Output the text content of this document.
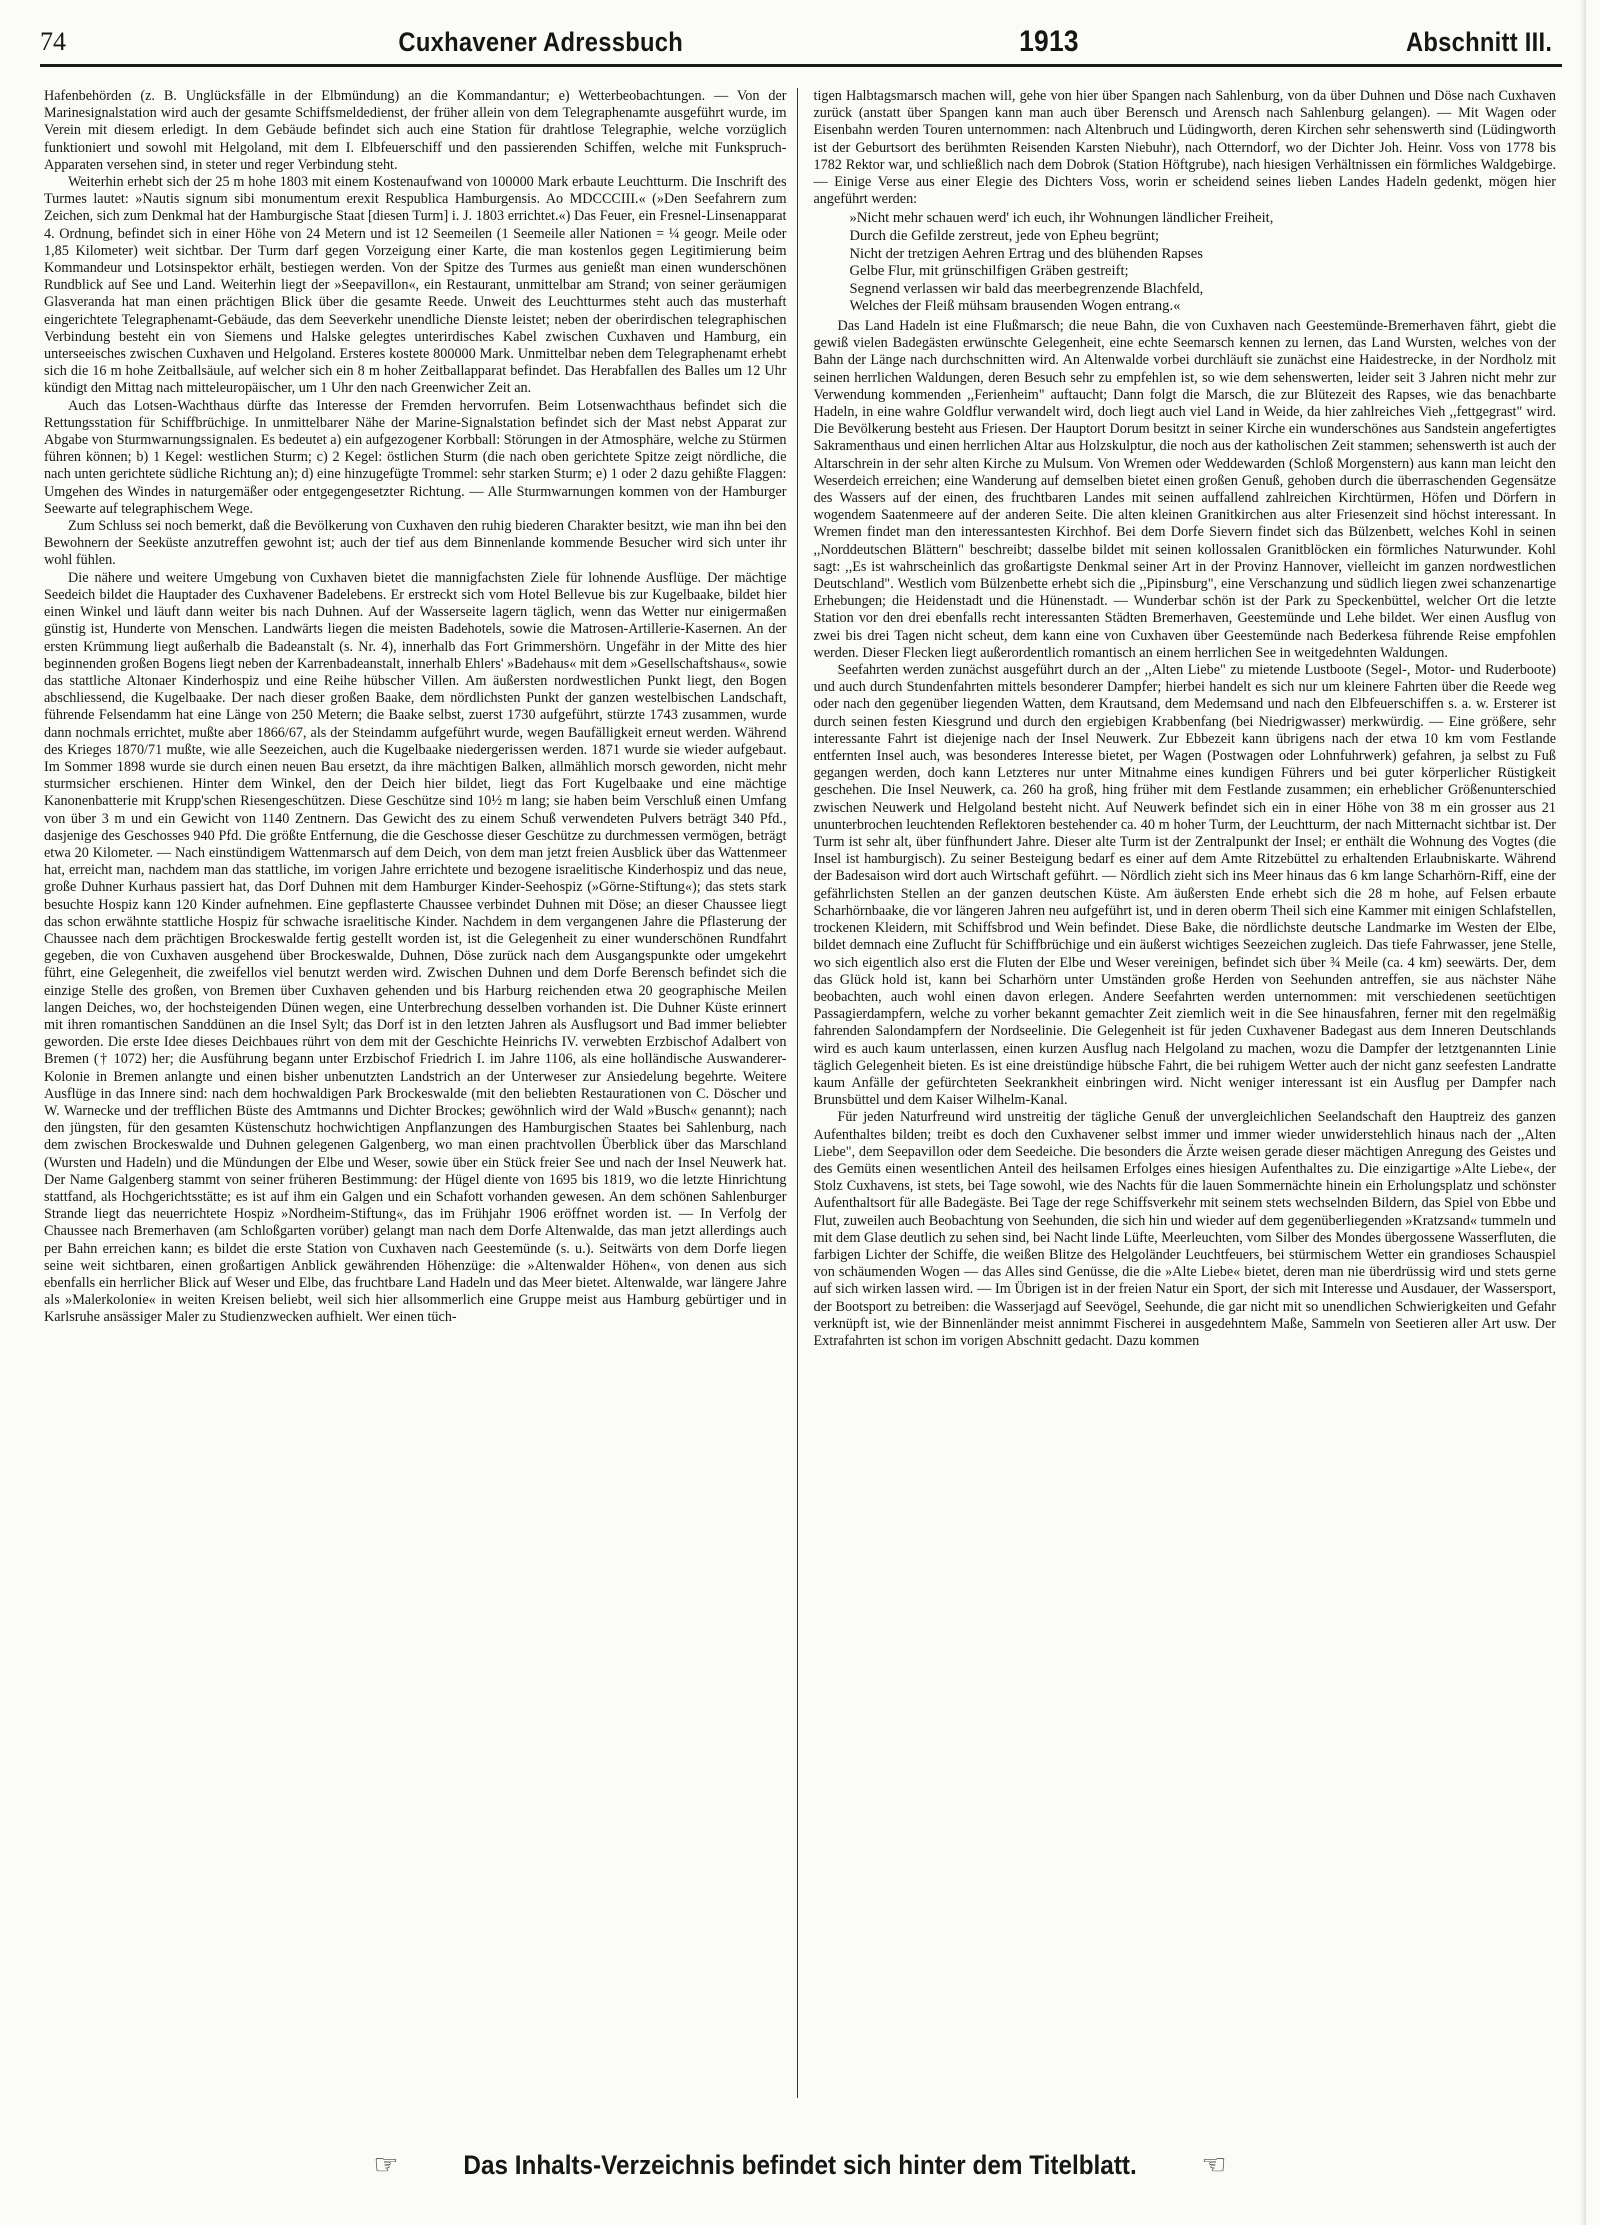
74	Cuxhavener Adressbuch	1913	Abschnitt III.

Hafenbehörden (z. B. Unglücksfälle in der Elbmündung) an die Kommandantur; e) Wetterbeobachtungen. — Von der Marinesignalstation wird auch der gesamte Schiffsmeldedienst, der früher allein von dem Telegraphenamte ausgeführt wurde, im Verein mit diesem erledigt. In dem Gebäude befindet sich auch eine Station für drahtlose Telegraphie, welche vorzüglich funktioniert und sowohl mit Helgoland, mit dem I. Elbfeuerschiff und den passierenden Schiffen, welche mit Funkspruch-Apparaten versehen sind, in steter und reger Verbindung steht.

Weiterhin erhebt sich der 25 m hohe 1803 mit einem Kostenaufwand von 100000 Mark erbaute Leuchtturm. Die Inschrift des Turmes lautet: »Nautis signum sibi monumentum erexit Respublica Hamburgensis. Ao MDCCCIII.« (»Den Seefahrern zum Zeichen, sich zum Denkmal hat der Hamburgische Staat [diesen Turm] i. J. 1803 errichtet.«) Das Feuer, ein Fresnel-Linsenapparat 4. Ordnung, befindet sich in einer Höhe von 24 Metern und ist 12 Seemeilen (1 Seemeile aller Nationen = ¼ geogr. Meile oder 1,85 Kilometer) weit sichtbar. Der Turm darf gegen Vorzeigung einer Karte, die man kostenlos gegen Legitimierung beim Kommandeur und Lotsinspektor erhält, bestiegen werden. Von der Spitze des Turmes aus genießt man einen wunderschönen Rundblick auf See und Land. Weiterhin liegt der »Seepavillon«, ein Restaurant, unmittelbar am Strand; von seiner geräumigen Glasveranda hat man einen prächtigen Blick über die gesamte Reede. Unweit des Leuchtturmes steht auch das musterhaft eingerichtete Telegraphenamt-Gebäude, das dem Seeverkehr unendliche Dienste leistet; neben der oberirdischen telegraphischen Verbindung besteht ein von Siemens und Halske gelegtes unterirdisches Kabel zwischen Cuxhaven und Hamburg, ein unterseeisches zwischen Cuxhaven und Helgoland. Ersteres kostete 800000 Mark. Unmittelbar neben dem Telegraphenamt erhebt sich die 16 m hohe Zeitballsäule, auf welcher sich ein 8 m hoher Zeitballapparat befindet. Das Herabfallen des Balles um 12 Uhr kündigt den Mittag nach mitteleuropäischer, um 1 Uhr den nach Greenwicher Zeit an.

Auch das Lotsen-Wachthaus dürfte das Interesse der Fremden hervorrufen. Beim Lotsenwachthaus befindet sich die Rettungsstation für Schiffbrüchige. In unmittelbarer Nähe der Marine-Signalstation befindet sich der Mast nebst Apparat zur Abgabe von Sturmwarnungssignalen. Es bedeutet a) ein aufgezogener Korbball: Störungen in der Atmosphäre, welche zu Stürmen führen können; b) 1 Kegel: westlichen Sturm; c) 2 Kegel: östlichen Sturm (die nach oben gerichtete Spitze zeigt nördliche, die nach unten gerichtete südliche Richtung an); d) eine hinzugefügte Trommel: sehr starken Sturm; e) 1 oder 2 dazu gehißte Flaggen: Umgehen des Windes in naturgemäßer oder entgegengesetzter Richtung. — Alle Sturmwarnungen kommen von der Hamburger Seewarte auf telegraphischem Wege.

Zum Schluss sei noch bemerkt, daß die Bevölkerung von Cuxhaven den ruhig biederen Charakter besitzt, wie man ihn bei den Bewohnern der Seeküste anzutreffen gewohnt ist; auch der tief aus dem Binnenlande kommende Besucher wird sich unter ihr wohl fühlen.

Die nähere und weitere Umgebung von Cuxhaven bietet die mannigfachsten Ziele für lohnende Ausflüge. Der mächtige Seedeich bildet die Hauptader des Cuxhavener Badelebens. Er erstreckt sich vom Hotel Bellevue bis zur Kugelbaake, bildet hier einen Winkel und läuft dann weiter bis nach Duhnen. Auf der Wasserseite lagern täglich, wenn das Wetter nur einigermaßen günstig ist, Hunderte von Menschen. Landwärts liegen die meisten Badehotels, sowie die Matrosen-Artillerie-Kasernen. An der ersten Krümmung liegt außerhalb die Badeanstalt (s. Nr. 4), innerhalb das Fort Grimmershörn. Ungefähr in der Mitte des hier beginnenden großen Bogens liegt neben der Karrenbadeanstalt, innerhalb Ehlers' »Badehaus« mit dem »Gesellschaftshaus«, sowie das stattliche Altonaer Kinderhospiz und eine Reihe hübscher Villen. Am äußersten nordwestlichen Punkt liegt, den Bogen abschliessend, die Kugelbaake. Der nach dieser großen Baake, dem nördlichsten Punkt der ganzen westelbischen Landschaft, führende Felsendamm hat eine Länge von 250 Metern; die Baake selbst, zuerst 1730 aufgeführt, stürzte 1743 zusammen, wurde dann nochmals errichtet, mußte aber 1866/67, als der Steindamm aufgeführt wurde, wegen Baufälligkeit erneut werden. Während des Krieges 1870/71 mußte, wie alle Seezeichen, auch die Kugelbaake niedergerissen werden. 1871 wurde sie wieder aufgebaut. Im Sommer 1898 wurde sie durch einen neuen Bau ersetzt, da ihre mächtigen Balken, allmählich morsch geworden, nicht mehr sturmsicher erschienen. Hinter dem Winkel, den der Deich hier bildet, liegt das Fort Kugelbaake und eine mächtige Kanonenbatterie mit Krupp'schen Riesengeschützen. Diese Geschütze sind 10½ m lang; sie haben beim Verschluß einen Umfang von über 3 m und ein Gewicht von 1140 Zentnern. Das Gewicht des zu einem Schuß verwendeten Pulvers beträgt 340 Pfd., dasjenige des Geschosses 940 Pfd. Die größte Entfernung, die die Geschosse dieser Geschütze zu durchmessen vermögen, beträgt etwa 20 Kilometer. — Nach einstündigem Wattenmarsch auf dem Deich, von dem man jetzt freien Ausblick über das Wattenmeer hat, erreicht man, nachdem man das stattliche, im vorigen Jahre errichtete und bezogene israelitische Kinderhospiz und das neue, große Duhner Kurhaus passiert hat, das Dorf Duhnen mit dem Hamburger Kinder-Seehospiz (»Görne-Stiftung«); das stets stark besuchte Hospiz kann 120 Kinder aufnehmen. Eine gepflasterte Chaussee verbindet Duhnen mit Döse; an dieser Chaussee liegt das schon erwähnte stattliche Hospiz für schwache israelitische Kinder. Nachdem in dem vergangenen Jahre die Pflasterung der Chaussee nach dem prächtigen Brockeswalde fertig gestellt worden ist, ist die Gelegenheit zu einer wunderschönen Rundfahrt gegeben, die von Cuxhaven ausgehend über Brockeswalde, Duhnen, Döse zurück nach dem Ausgangspunkte oder umgekehrt führt, eine Gelegenheit, die zweifellos viel benutzt werden wird. Zwischen Duhnen und dem Dorfe Berensch befindet sich die einzige Stelle des großen, von Bremen über Cuxhaven gehenden und bis Harburg reichenden etwa 20 geographische Meilen langen Deiches, wo, der hochsteigenden Dünen wegen, eine Unterbrechung desselben vorhanden ist. Die Duhner Küste erinnert mit ihren romantischen Sanddünen an die Insel Sylt; das Dorf ist in den letzten Jahren als Ausflugsort und Bad immer beliebter geworden. Die erste Idee dieses Deichbaues rührt von dem mit der Geschichte Heinrichs IV. verwebten Erzbischof Adalbert von Bremen († 1072) her; die Ausführung begann unter Erzbischof Friedrich I. im Jahre 1106, als eine holländische Auswanderer-Kolonie in Bremen anlangte und einen bisher unbenutzten Landstrich an der Unterweser zur Ansiedelung begehrte. Weitere Ausflüge in das Innere sind: nach dem hochwaldigen Park Brockeswalde (mit den beliebten Restaurationen von C. Döscher und W. Warnecke und der trefflichen Büste des Amtmanns und Dichter Brockes; gewöhnlich wird der Wald »Busch« genannt); nach den jüngsten, für den gesamten Küstenschutz hochwichtigen Anpflanzungen des Hamburgischen Staates bei Sahlenburg, nach dem zwischen Brockeswalde und Duhnen gelegenen Galgenberg, wo man einen prachtvollen Überblick über das Marschland (Wursten und Hadeln) und die Mündungen der Elbe und Weser, sowie über ein Stück freier See und nach der Insel Neuwerk hat. Der Name Galgenberg stammt von seiner früheren Bestimmung: der Hügel diente von 1695 bis 1819, wo die letzte Hinrichtung stattfand, als Hochgerichtsstätte; es ist auf ihm ein Galgen und ein Schafott vorhanden gewesen. An dem schönen Sahlenburger Strande liegt das neuerrichtete Hospiz »Nordheim-Stiftung«, das im Frühjahr 1906 eröffnet worden ist. — In Verfolg der Chaussee nach Bremerhaven (am Schloßgarten vorüber) gelangt man nach dem Dorfe Altenwalde, das man jetzt allerdings auch per Bahn erreichen kann; es bildet die erste Station von Cuxhaven nach Geestemünde (s. u.). Seitwärts von dem Dorfe liegen seine weit sichtbaren, einen großartigen Anblick gewährenden Höhenzüge: die »Altenwalder Höhen«, von denen aus sich ebenfalls ein herrlicher Blick auf Weser und Elbe, das fruchtbare Land Hadeln und das Meer bietet. Altenwalde, war längere Jahre als »Malerkolonie« in weiten Kreisen beliebt, weil sich hier allsommerlich eine Gruppe meist aus Hamburg gebürtiger und in Karlsruhe ansässiger Maler zu Studienzwecken aufhielt. Wer einen tüch-

tigen Halbtagsmarsch machen will, gehe von hier über Spangen nach Sahlenburg, von da über Duhnen und Döse nach Cuxhaven zurück (anstatt über Spangen kann man auch über Berensch und Arensch nach Sahlenburg gelangen). — Mit Wagen oder Eisenbahn werden Touren unternommen: nach Altenbruch und Lüdingworth, deren Kirchen sehr sehenswerth sind (Lüdingworth ist der Geburtsort des berühmten Reisenden Karsten Niebuhr), nach Otterndorf, wo der Dichter Joh. Heinr. Voss von 1778 bis 1782 Rektor war, und schließlich nach dem Dobrok (Station Höftgrube), nach hiesigen Verhältnissen ein förmliches Waldgebirge. — Einige Verse aus einer Elegie des Dichters Voss, worin er scheidend seines lieben Landes Hadeln gedenkt, mögen hier angeführt werden:

»Nicht mehr schauen werd' ich euch, ihr Wohnungen ländlicher Freiheit,
Durch die Gefilde zerstreut, jede von Epheu begrünt;
Nicht der tretzigen Aehren Ertrag und des blühenden Rapses
Gelbe Flur, mit grünschilfigen Gräben gestreift;
Segnend verlassen wir bald das meerbegrenzende Blachfeld,
Welches der Fleiß mühsam brausenden Wogen entrang.«

Das Land Hadeln ist eine Flußmarsch; die neue Bahn, die von Cuxhaven nach Geestemünde-Bremerhaven fährt, giebt die gewiß vielen Badegästen erwünschte Gelegenheit, eine echte Seemarsch kennen zu lernen, das Land Wursten, welches von der Bahn der Länge nach durchschnitten wird. An Altenwalde vorbei durchläuft sie zunächst eine Haidestrecke, in der Nordholz mit seinen herrlichen Waldungen, deren Besuch sehr zu empfehlen ist, so wie dem sehenswerten, leider seit 3 Jahren nicht mehr zur Verwendung kommenden ,,Ferienheim" auftaucht; Dann folgt die Marsch, die zur Blütezeit des Rapses, wie das benachbarte Hadeln, in eine wahre Goldflur verwandelt wird, doch liegt auch viel Land in Weide, da hier zahlreiches Vieh ,,fettgegrast" wird. Die Bevölkerung besteht aus Friesen. Der Hauptort Dorum besitzt in seiner Kirche ein wunderschönes aus Sandstein angefertigtes Sakramenthaus und einen herrlichen Altar aus Holzskulptur, die noch aus der katholischen Zeit stammen; sehenswerth ist auch der Altarschrein in der sehr alten Kirche zu Mulsum. Von Wremen oder Weddewarden (Schloß Morgenstern) aus kann man leicht den Weserdeich erreichen; eine Wanderung auf demselben bietet einen großen Genuß, gehoben durch die überraschenden Gegensätze des Wassers auf der einen, des fruchtbaren Landes mit seinen auffallend zahlreichen Kirchtürmen, Höfen und Dörfern in wogendem Saatenmeere auf der anderen Seite. Die alten kleinen Granitkirchen aus alter Friesenzeit sind höchst interessant. In Wremen findet man den interessantesten Kirchhof. Bei dem Dorfe Sievern findet sich das Bülzenbett, welches Kohl in seinen ,,Norddeutschen Blättern" beschreibt; dasselbe bildet mit seinen kollossalen Granitblöcken ein förmliches Naturwunder. Kohl sagt: ,,Es ist wahrscheinlich das großartigste Denkmal seiner Art in der Provinz Hannover, vielleicht im ganzen nordwestlichen Deutschland". Westlich vom Bülzenbette erhebt sich die ,,Pipinsburg", eine Verschanzung und südlich liegen zwei schanzenartige Erhebungen; die Heidenstadt und die Hünenstadt. — Wunderbar schön ist der Park zu Speckenbüttel, welcher Ort die letzte Station vor den drei ebenfalls recht interessanten Städten Bremerhaven, Geestemünde und Lehe bildet. Wer einen Ausflug von zwei bis drei Tagen nicht scheut, dem kann eine von Cuxhaven über Geestemünde nach Bederkesa führende Reise empfohlen werden. Dieser Flecken liegt außerordentlich romantisch an einem herrlichen See in weitgedehnten Waldungen.

Seefahrten werden zunächst ausgeführt durch an der ,,Alten Liebe" zu mietende Lustboote (Segel-, Motor- und Ruderboote) und auch durch Stundenfahrten mittels besonderer Dampfer; hierbei handelt es sich nur um kleinere Fahrten über die Reede weg oder nach den gegenüber liegenden Watten, dem Krautsand, dem Medemsand und nach den Elbfeuerschiffen s. a. w. Ersterer ist durch seinen festen Kiesgrund und durch den ergiebigen Krabbenfang (bei Niedrigwasser) merkwürdig. — Eine größere, sehr interessante Fahrt ist diejenige nach der Insel Neuwerk. Zur Ebbezeit kann übrigens nach der etwa 10 km vom Festlande entfernten Insel auch, was besonderes Interesse bietet, per Wagen (Postwagen oder Lohnfuhrwerk) gefahren, ja selbst zu Fuß gegangen werden, doch kann Letzteres nur unter Mitnahme eines kundigen Führers und bei guter körperlicher Rüstigkeit geschehen. Die Insel Neuwerk, ca. 260 ha groß, hing früher mit dem Festlande zusammen; ein erheblicher Größenunterschied zwischen Neuwerk und Helgoland besteht nicht. Auf Neuwerk befindet sich ein in einer Höhe von 38 m ein grosser aus 21 ununterbrochen leuchtenden Reflektoren bestehender ca. 40 m hoher Turm, der Leuchtturm, der nach Mitternacht sichtbar ist. Der Turm ist sehr alt, über fünfhundert Jahre. Dieser alte Turm ist der Zentralpunkt der Insel; er enthält die Wohnung des Vogtes (die Insel ist hamburgisch). Zu seiner Besteigung bedarf es einer auf dem Amte Ritzebüttel zu erhaltenden Erlaubniskarte. Während der Badesaison wird dort auch Wirtschaft geführt. — Nördlich zieht sich ins Meer hinaus das 6 km lange Scharhörn-Riff, eine der gefährlichsten Stellen an der ganzen deutschen Küste. Am äußersten Ende erhebt sich die 28 m hohe, auf Felsen erbaute Scharhörnbaake, die vor längeren Jahren neu aufgeführt ist, und in deren oberm Theil sich eine Kammer mit einigen Schlafstellen, trockenen Kleidern, mit Schiffsbrod und Wein befindet. Diese Bake, die nördlichste deutsche Landmarke im Westen der Elbe, bildet demnach eine Zuflucht für Schiffbrüchige und ein äußerst wichtiges Seezeichen zugleich. Das tiefe Fahrwasser, jene Stelle, wo sich eigentlich also erst die Fluten der Elbe und Weser vereinigen, befindet sich über ¾ Meile (ca. 4 km) seewärts. Der, dem das Glück hold ist, kann bei Scharhörn unter Umständen große Herden von Seehunden antreffen, sie aus nächster Nähe beobachten, auch wohl einen davon erlegen. Andere Seefahrten werden unternommen: mit verschiedenen seetüchtigen Passagierdampfern, welche zu vorher bekannt gemachter Zeit ziemlich weit in die See hinausfahren, ferner mit den regelmäßig fahrenden Salondampfern der Nordseelinie. Die Gelegenheit ist für jeden Cuxhavener Badegast aus dem Inneren Deutschlands wird es auch kaum unterlassen, einen kurzen Ausflug nach Helgoland zu machen, wozu die Dampfer der letztgenannten Linie täglich Gelegenheit bieten. Es ist eine dreistündige hübsche Fahrt, die bei ruhigem Wetter auch der nicht ganz seefesten Landratte kaum Anfälle der gefürchteten Seekrankheit einbringen wird. Nicht weniger interessant ist ein Ausflug per Dampfer nach Brunsbüttel und dem Kaiser Wilhelm-Kanal.

Für jeden Naturfreund wird unstreitig der tägliche Genuß der unvergleichlichen Seelandschaft den Hauptreiz des ganzen Aufenthaltes bilden; treibt es doch den Cuxhavener selbst immer und immer wieder unwiderstehlich hinaus nach der ,,Alten Liebe", dem Seepavillon oder dem Seedeiche. Die besonders die Ärzte weisen gerade dieser mächtigen Anregung des Geistes und des Gemüts einen wesentlichen Anteil des heilsamen Erfolges eines hiesigen Aufenthaltes zu. Die einzigartige »Alte Liebe«, der Stolz Cuxhavens, ist stets, bei Tage sowohl, wie des Nachts für die lauen Sommernächte hinein ein Erholungsplatz und schönster Aufenthaltsort für alle Badegäste. Bei Tage der rege Schiffsverkehr mit seinem stets wechselnden Bildern, das Spiel von Ebbe und Flut, zuweilen auch Beobachtung von Seehunden, die sich hin und wieder auf dem gegenüberliegenden »Kratzsand« tummeln und mit dem Glase deutlich zu sehen sind, bei Nacht linde Lüfte, Meerleuchten, vom Silber des Mondes übergossene Wasserfluten, die farbigen Lichter der Schiffe, die weißen Blitze des Helgoländer Leuchtfeuers, bei stürmischem Wetter ein grandioses Schauspiel von schäumenden Wogen — das Alles sind Genüsse, die die »Alte Liebe« bietet, deren man nie überdrüssig wird und stets gerne auf sich wirken lassen wird. — Im Übrigen ist in der freien Natur ein Sport, der sich mit Interesse und Ausdauer, der Wassersport, der Bootsport zu betreiben: die Wasserjagd auf Seevögel, Seehunde, die gar nicht mit so unendlichen Schwierigkeiten und Gefahr verknüpft ist, wie der Binnenländer meist annimmt Fischerei in ausgedehntem Maße, Sammeln von Seetieren aller Art usw. Der Extrafahrten ist schon im vorigen Abschnitt gedacht. Dazu kommen

☞	Das Inhalts-Verzeichnis befindet sich hinter dem Titelblatt.	☜
